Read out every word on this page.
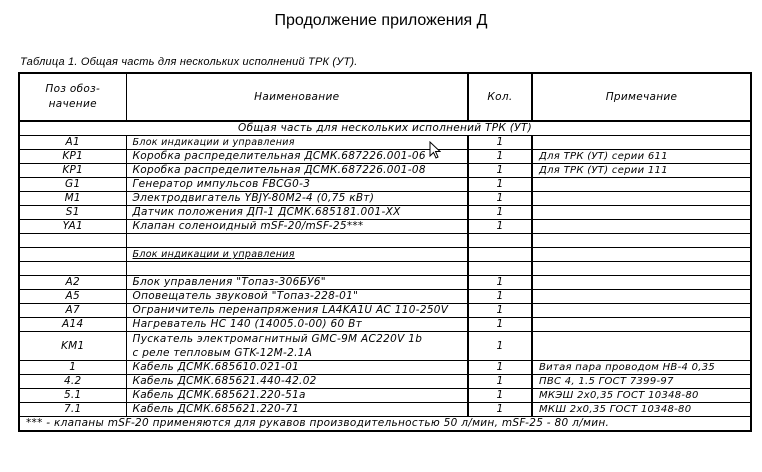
Продолжение приложения Д
Таблица 1. Общая часть для нескольких исполнений ТРК (УТ).
Поз обоз-
начение	Наименование	Кол.	Примечание
Общая часть для нескольких исполнений ТРК (УТ)			
A1	Блок индикации и управления	1	
KP1	Коробка распределительная ДСМК.687226.001-06	1	Для ТРК (УТ) серии 611
KP1	Коробка распределительная ДСМК.687226.001-08	1	Для ТРК (УТ) серии 111
G1	Генератор импульсов FBCG0-3	1	
M1	Электродвигатель YBJY-80M2-4 (0,75 кВт)	1	
S1	Датчик положения ДП-1 ДСМК.685181.001-ХХ	1	
YA1	Клапан соленоидный mSF-20/mSF-25***	1	

	Блок индикации и управления		

A2	Блок управления "Топаз-306БУ6"	1	
A5	Оповещатель звуковой "Топаз-228-01"	1	
A7	Ограничитель перенапряжения LA4KA1U AC 110-250V	1	
A14	Нагреватель НС 140 (14005.0-00) 60 Вт	1	
KM1	Пускатель электромагнитный GMC-9M AC220V 1b
с реле тепловым GTK-12M-2.1A	1	
1	Кабель ДСМК.685610.021-01	1	Витая пара проводом НВ-4 0,35
4.2	Кабель ДСМК.685621.440-42.02	1	ПВС 4, 1.5 ГОСТ 7399-97
5.1	Кабель ДСМК.685621.220-51а	1	МКЭШ 2х0,35 ГОСТ 10348-80
7.1	Кабель ДСМК.685621.220-71	1	МКШ 2х0,35 ГОСТ 10348-80
*** - клапаны mSF-20 применяются для рукавов производительностью 50 л/мин, mSF-25 - 80 л/мин.			
